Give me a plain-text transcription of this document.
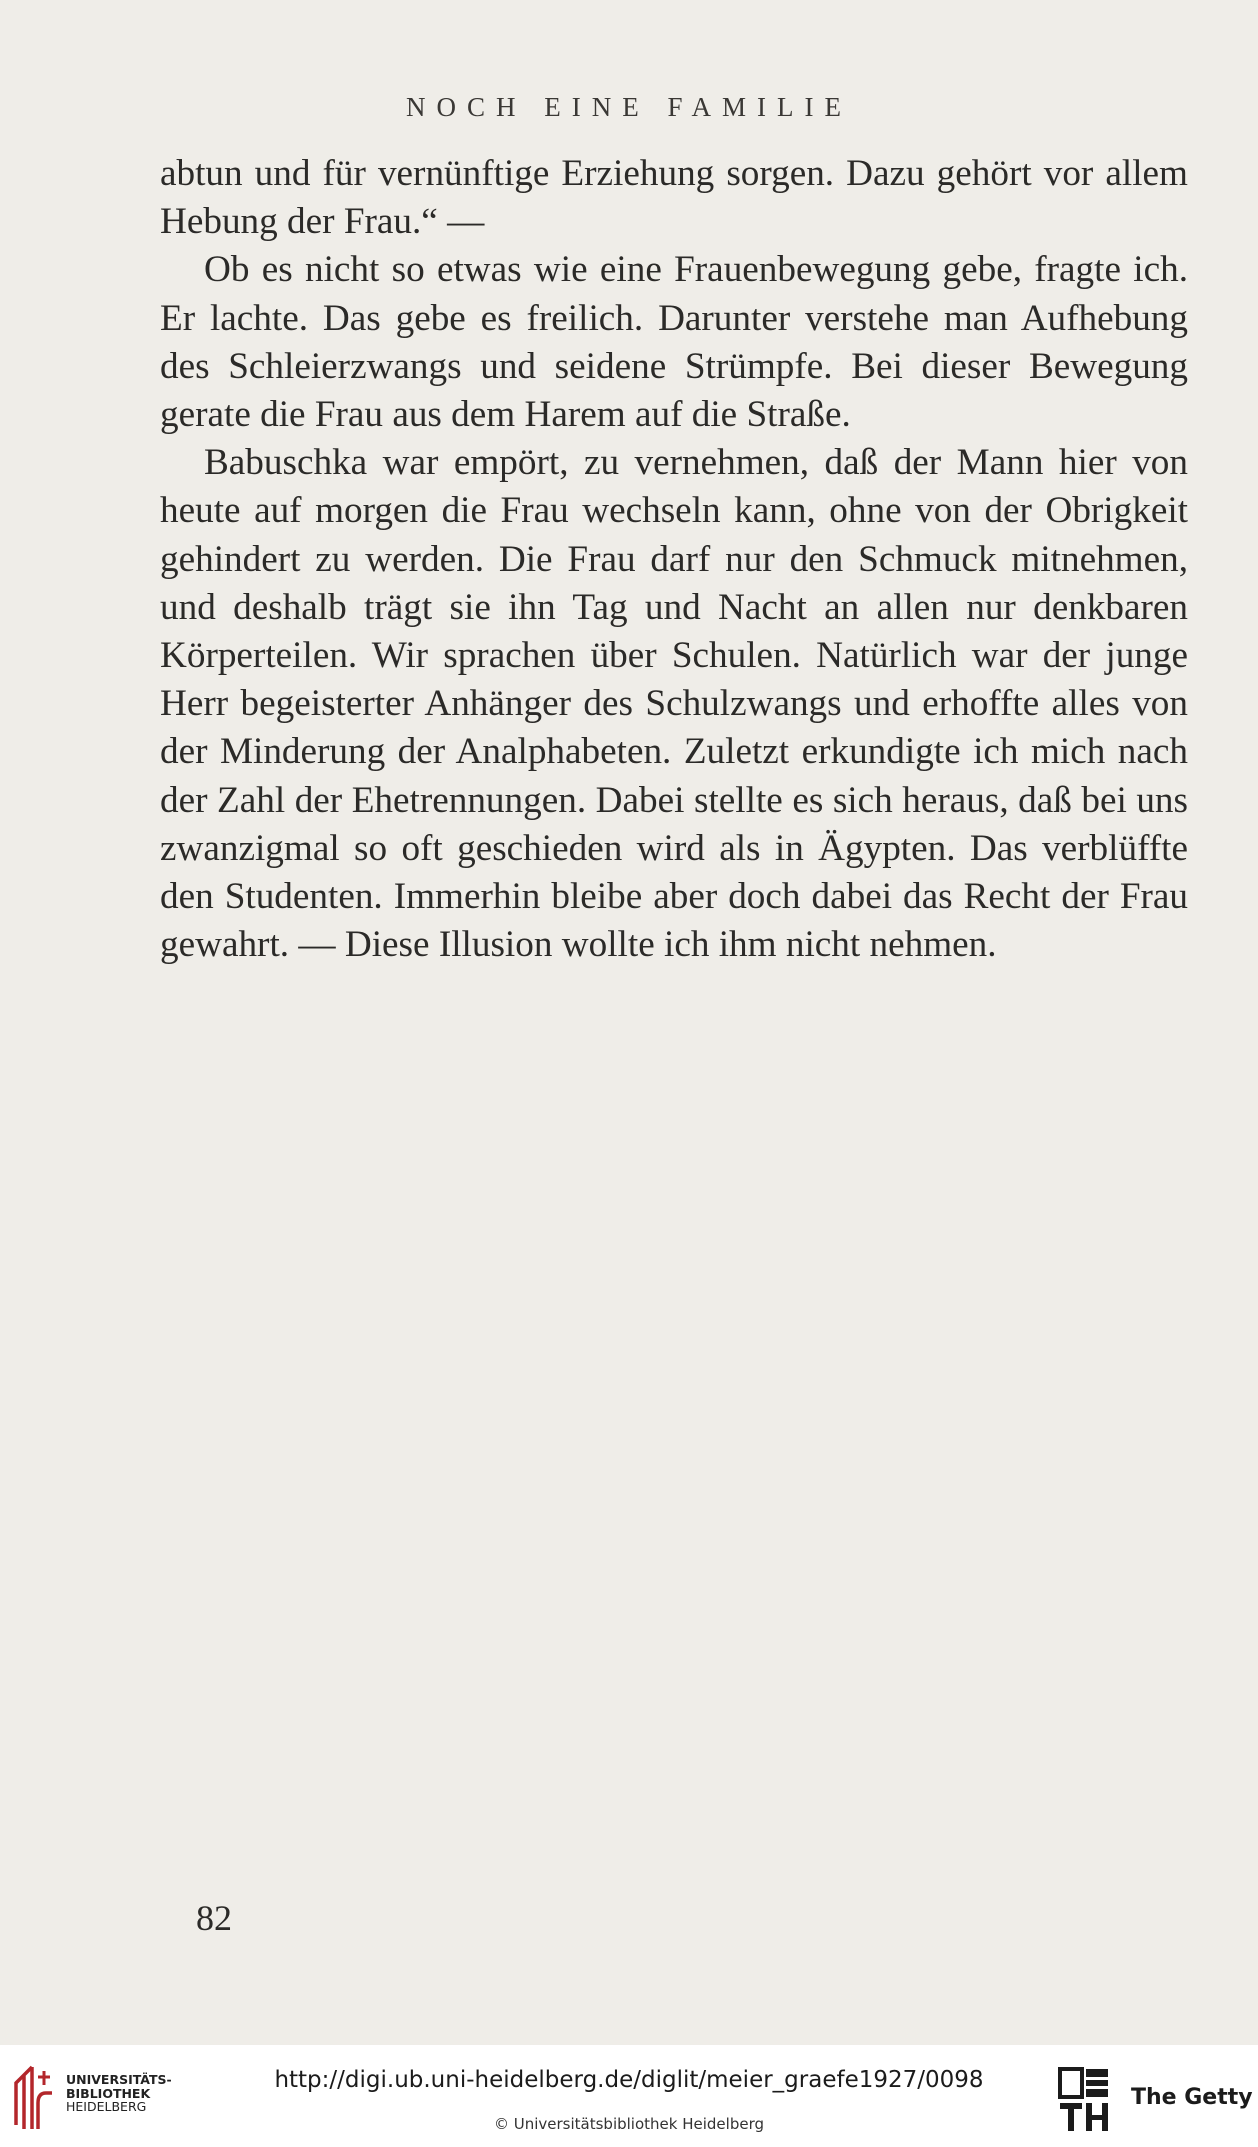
NOCH EINE FAMILIE

abtun und für vernünftige Erziehung sorgen. Dazu gehört vor allem Hebung der Frau.“ —

Ob es nicht so etwas wie eine Frauenbewegung gebe, fragte ich. Er lachte. Das gebe es freilich. Darunter verstehe man Aufhebung des Schleierzwangs und seidene Strümpfe. Bei dieser Bewegung gerate die Frau aus dem Harem auf die Straße.

Babuschka war empört, zu vernehmen, daß der Mann hier von heute auf morgen die Frau wechseln kann, ohne von der Obrigkeit gehindert zu werden. Die Frau darf nur den Schmuck mitnehmen, und deshalb trägt sie ihn Tag und Nacht an allen nur denkbaren Körperteilen. Wir sprachen über Schulen. Natürlich war der junge Herr begeisterter Anhänger des Schulzwangs und erhoffte alles von der Minderung der Analphabeten. Zuletzt erkundigte ich mich nach der Zahl der Ehetrennungen. Dabei stellte es sich heraus, daß bei uns zwanzigmal so oft geschieden wird als in Ägypten. Das verblüffte den Studenten. Immerhin bleibe aber doch dabei das Recht der Frau gewahrt. — Diese Illusion wollte ich ihm nicht nehmen.

82
UNIVERSITÄTS-
BIBLIOTHEK
HEIDELBERG
http://digi.ub.uni-heidelberg.de/diglit/meier_graefe1927/0098
© Universitätsbibliothek Heidelberg
The Getty
